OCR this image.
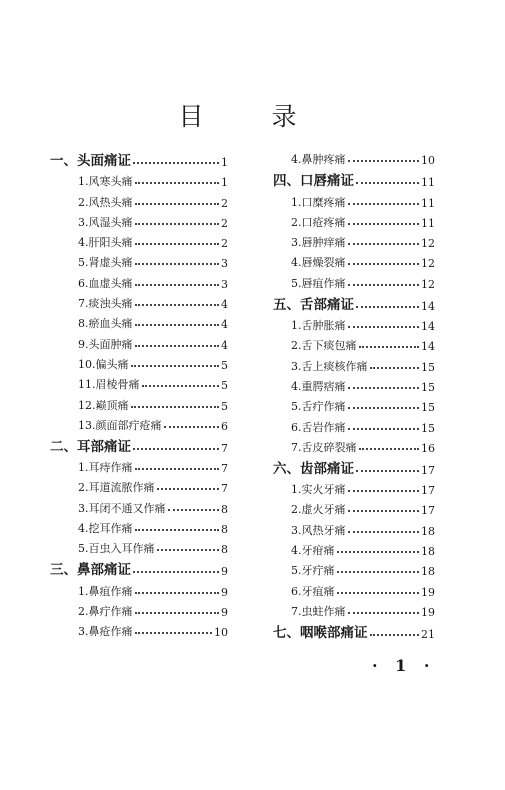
目 录
一、头面痛证	1
1.风寒头痛	1
2.风热头痛	2
3.风湿头痛	2
4.肝阳头痛	2
5.肾虚头痛	3
6.血虚头痛	3
7.痰浊头痛	4
8.瘀血头痛	4
9.头面肿痛	4
10.偏头痛	5
11.眉棱骨痛	5
12.巅顶痛	5
13.颜面部疔疮痛	6
二、耳部痛证	7
1.耳痔作痛	7
2.耳道流脓作痛	7
3.耳闭不通又作痛	8
4.挖耳作痛	8
5.百虫入耳作痛	8
三、鼻部痛证	9
1.鼻疽作痛	9
2.鼻疔作痛	9
3.鼻疮作痛	10
4.鼻肿疼痛	10
四、口唇痛证	11
1.口糜疼痛	11
2.口疮疼痛	11
3.唇肿痒痛	12
4.唇燥裂痛	12
5.唇疽作痛	12
五、舌部痛证	14
1.舌肿胀痛	14
2.舌下痰包痛	14
3.舌上痰核作痛	15
4.重腭痞痛	15
5.舌疔作痛	15
6.舌岩作痛	15
7.舌皮碎裂痛	16
六、齿部痛证	17
1.实火牙痛	17
2.虚火牙痛	17
3.风热牙痛	18
4.牙疳痛	18
5.牙疔痛	18
6.牙疽痛	19
7.虫蛀作痛	19
七、咽喉部痛证	21
· 1 ·
